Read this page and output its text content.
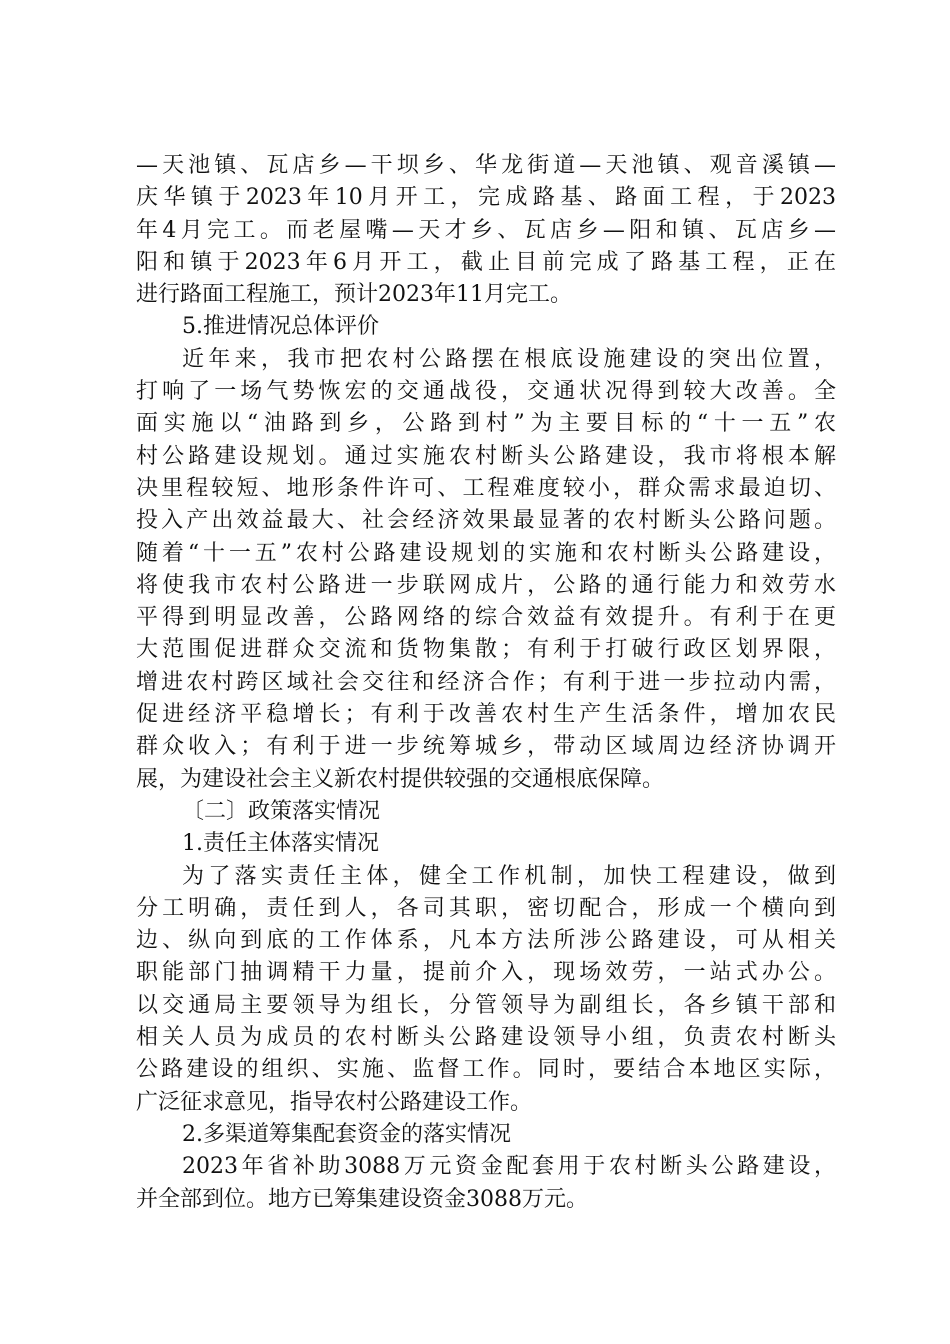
—天池镇、瓦店乡—干坝乡、华龙街道—天池镇、观音溪镇—
庆华镇于2023年10月开工，完成路基、路面工程，于2023
年4月完工。而老屋嘴—天才乡、瓦店乡—阳和镇、瓦店乡—
阳和镇于2023年6月开工，截止目前完成了路基工程，正在
进行路面工程施工，预计2023年11月完工。
5.推进情况总体评价
近年来，我市把农村公路摆在根底设施建设的突出位置，
打响了一场气势恢宏的交通战役，交通状况得到较大改善。全
面实施以“油路到乡，公路到村”为主要目标的“十一五”农
村公路建设规划。通过实施农村断头公路建设，我市将根本解
决里程较短、地形条件许可、工程难度较小，群众需求最迫切、
投入产出效益最大、社会经济效果最显著的农村断头公路问题。
随着“十一五”农村公路建设规划的实施和农村断头公路建设，
将使我市农村公路进一步联网成片，公路的通行能力和效劳水
平得到明显改善，公路网络的综合效益有效提升。有利于在更
大范围促进群众交流和货物集散；有利于打破行政区划界限，
增进农村跨区域社会交往和经济合作；有利于进一步拉动内需，
促进经济平稳增长；有利于改善农村生产生活条件，增加农民
群众收入；有利于进一步统筹城乡，带动区域周边经济协调开
展，为建设社会主义新农村提供较强的交通根底保障。
〔二〕政策落实情况
1.责任主体落实情况
为了落实责任主体，健全工作机制，加快工程建设，做到
分工明确，责任到人，各司其职，密切配合，形成一个横向到
边、纵向到底的工作体系，凡本方法所涉公路建设，可从相关
职能部门抽调精干力量，提前介入，现场效劳，一站式办公。
以交通局主要领导为组长，分管领导为副组长，各乡镇干部和
相关人员为成员的农村断头公路建设领导小组，负责农村断头
公路建设的组织、实施、监督工作。同时，要结合本地区实际，
广泛征求意见，指导农村公路建设工作。
2.多渠道筹集配套资金的落实情况
2023年省补助3088万元资金配套用于农村断头公路建设，
并全部到位。地方已筹集建设资金3088万元。
